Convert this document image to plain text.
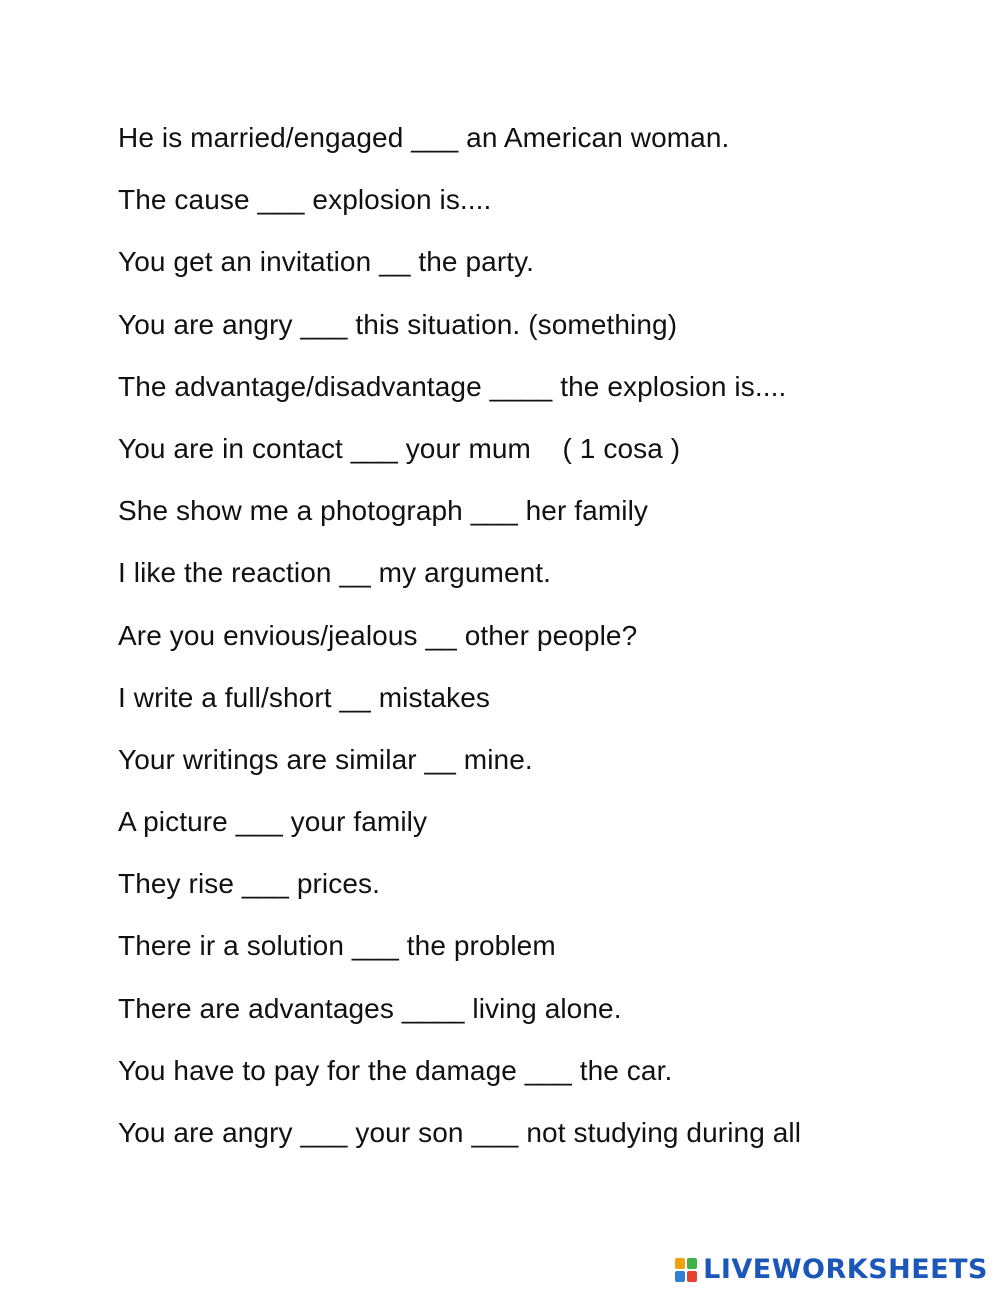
He is married/engaged ___ an American woman.
The cause ___ explosion is....
You get an invitation __ the party.
You are angry ___ this situation. (something)
The advantage/disadvantage ____ the explosion is....
You are in contact ___ your mum    ( 1 cosa )
She show me a photograph ___ her family
I like the reaction __ my argument.
Are you envious/jealous __ other people?
I write a full/short __ mistakes
Your writings are similar __ mine.
A picture ___ your family
They rise ___ prices.
There ir a solution ___ the problem
There are advantages ____ living alone.
You have to pay for the damage ___ the car.
You are angry ___ your son ___ not studying during all
LIVEWORKSHEETS
